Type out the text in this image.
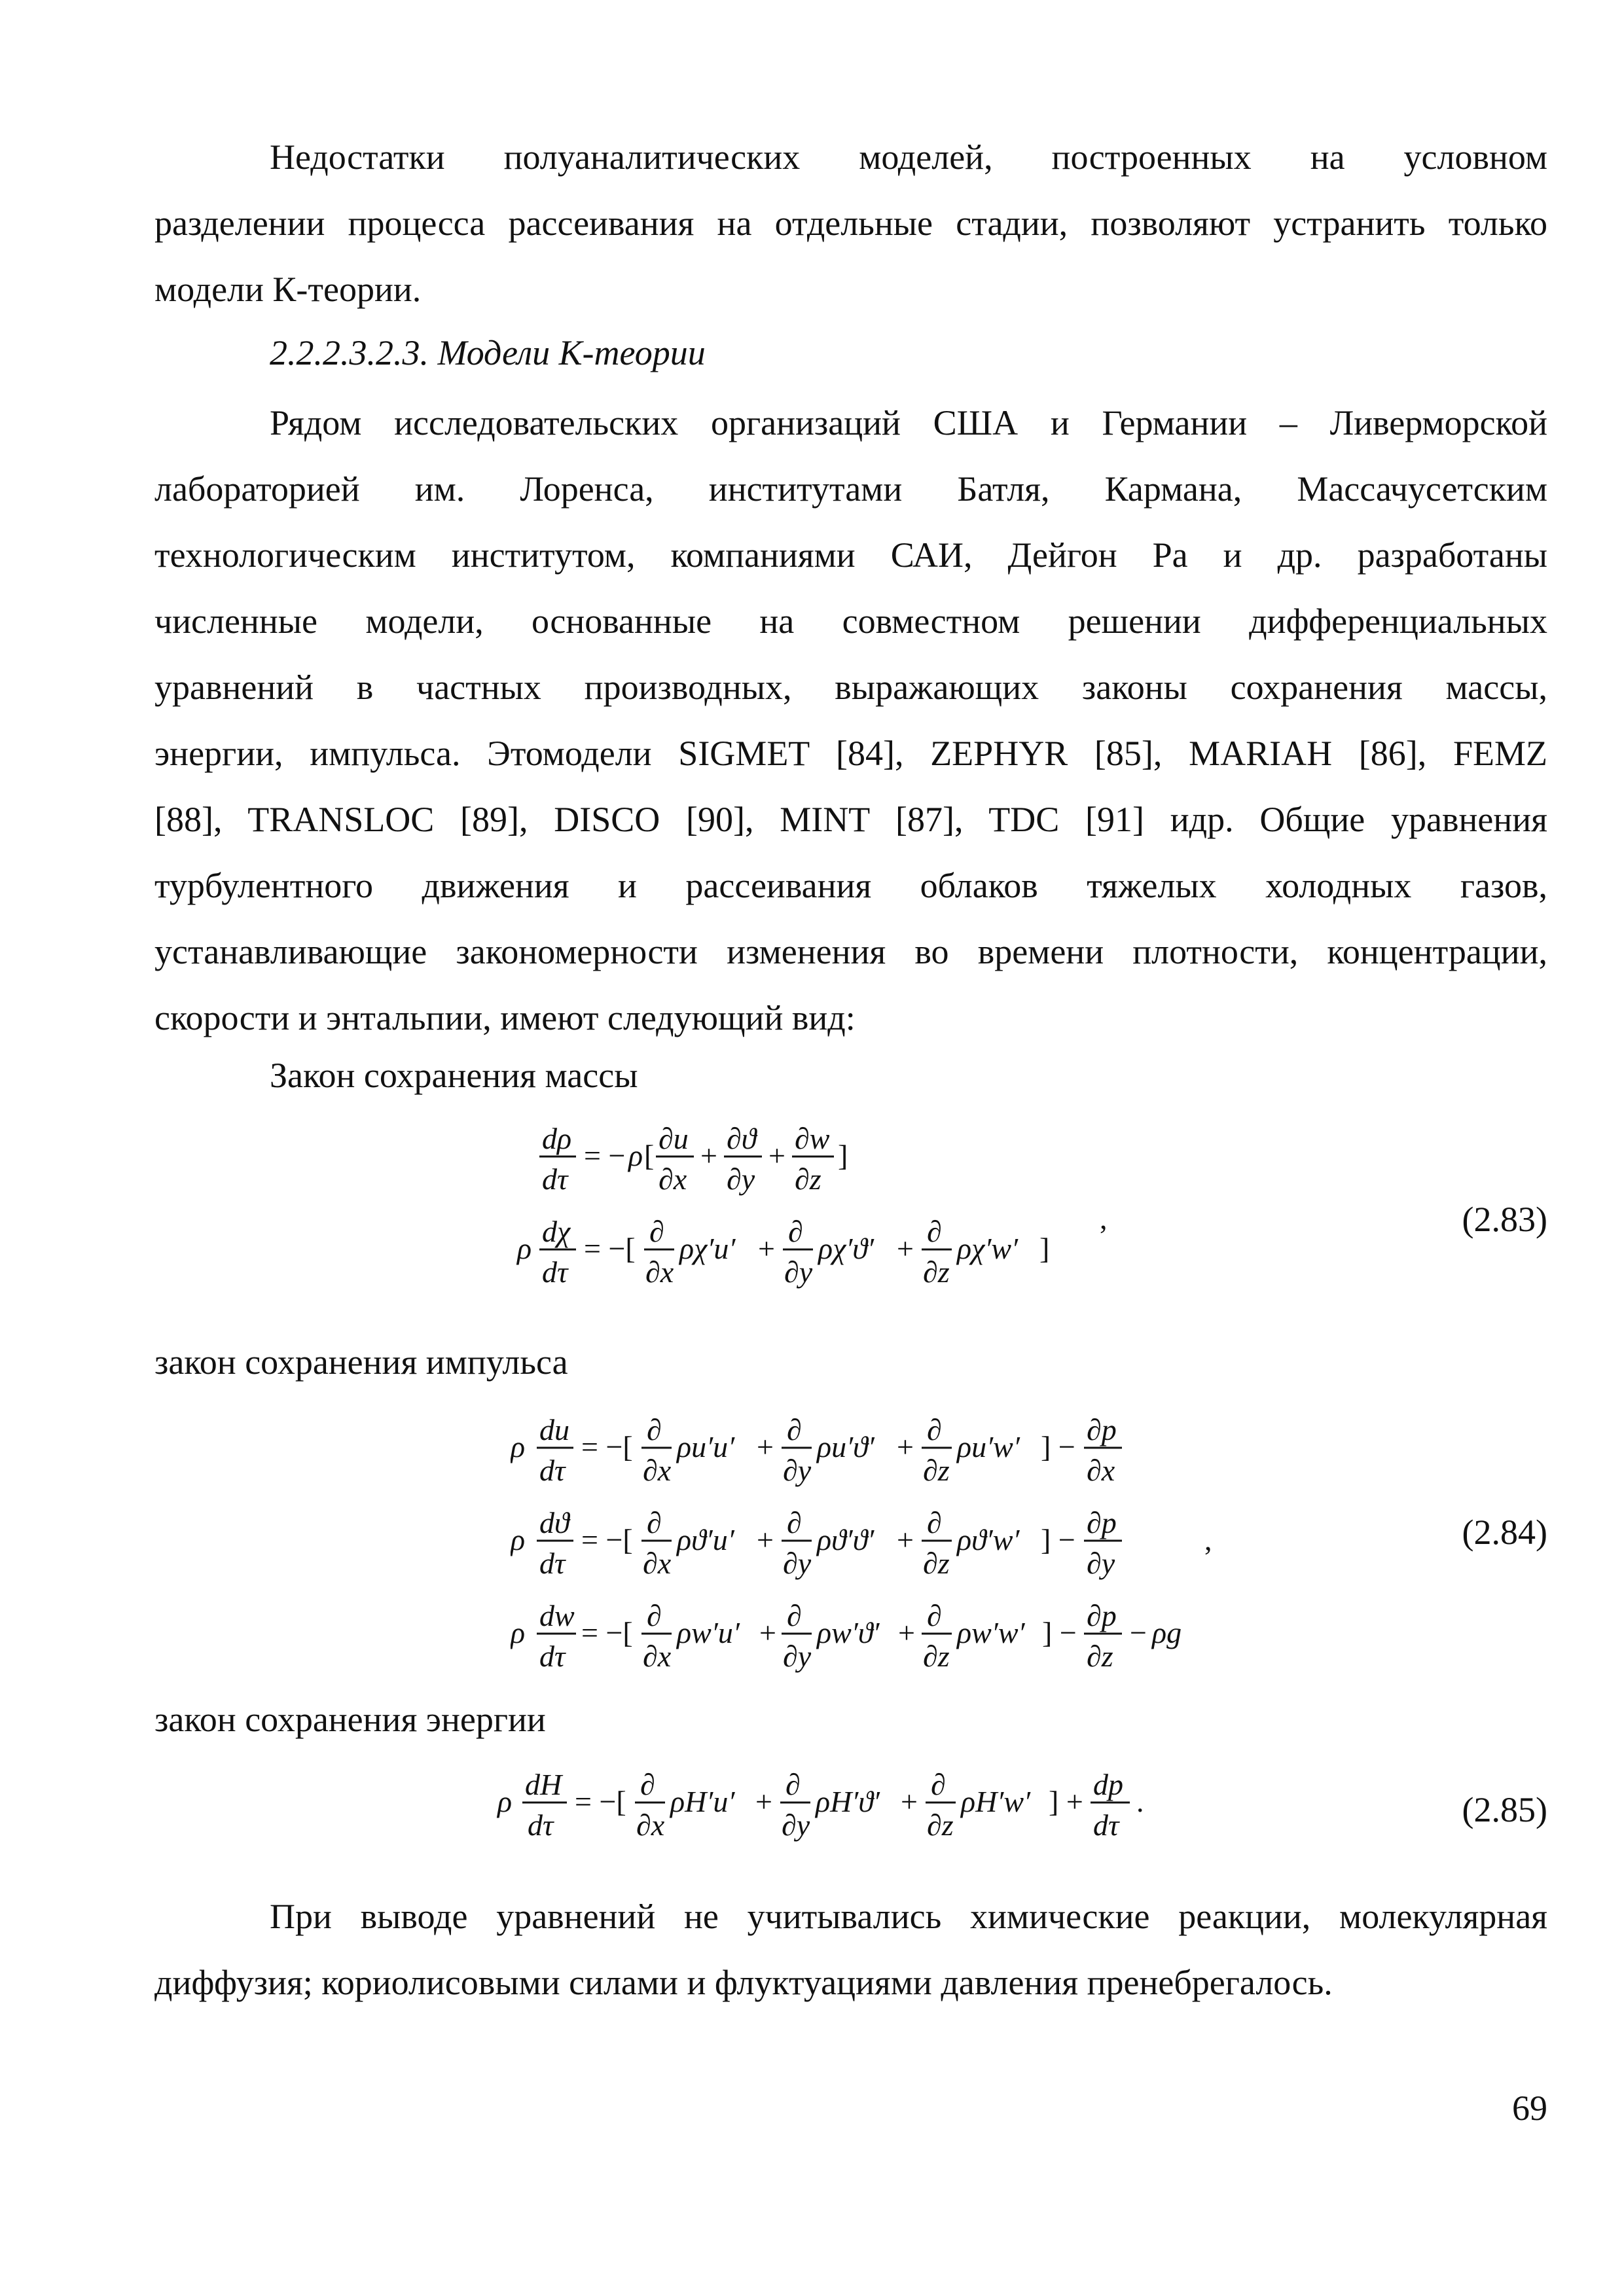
Недостатки полуаналитических моделей, построенных на условном
разделении процесса рассеивания на отдельные стадии, позволяют устранить только
модели К-теории.
2.2.2.3.2.3. Модели К-теории
Рядом исследовательских организаций США и Германии – Ливерморской
лабораторией им. Лоренса, институтами Батля, Кармана, Массачусетским
технологическим институтом, компаниями САИ, Дейгон Ра и др. разработаны
численные модели, основанные на совместном решении дифференциальных
уравнений в частных производных, выражающих законы сохранения массы,
энергии, импульса. Этомодели SIGMET [84], ZEPHYR [85], MARIAH [86], FEMZ
[88], TRANSLOC [89], DISCO [90], MINT [87], TDC [91] идр. Общие уравнения
турбулентного движения и рассеивания облаков тяжелых холодных газов,
устанавливающие закономерности изменения во времени плотности, концентрации,
скорости и энтальпии, имеют следующий вид:
Закон сохранения массы
dρ
dτ
= − ρ [
∂u
∂x
+
∂ϑ
∂y
+
∂w
∂z
]
ρ
dχ
dτ
= −[
∂
∂x
ρχ′u′ +
∂
∂y
ρχ′ϑ′ +
∂
∂z
ρχ′w′ ]
,	(2.83)
закон сохранения импульса
ρ
du
dτ
= −[
∂
∂x
ρu′u′ +
∂
∂y
ρu′ϑ′ +
∂
∂z
ρu′w′ ] −
∂p
∂x
ρ
dϑ
dτ
= −[
∂
∂x
ρϑ′u′ +
∂
∂y
ρϑ′ϑ′ +
∂
∂z
ρϑ′w′ ] −
∂p
∂y
,
ρ
dw
dτ
= −[
∂
∂x
ρw′u′ +
∂
∂y
ρw′ϑ′ +
∂
∂z
ρw′w′ ] −
∂p
∂z
− ρg
(2.84)
закон сохранения энергии
ρ
dH
dτ
= −[
∂
∂x
ρH′u′ +
∂
∂y
ρH′ϑ′ +
∂
∂z
ρH′w′ ] +
dp
dτ
.	(2.85)
При выводе уравнений не учитывались химические реакции, молекулярная
диффузия; кориолисовыми силами и флуктуациями давления пренебрегалось.
69
